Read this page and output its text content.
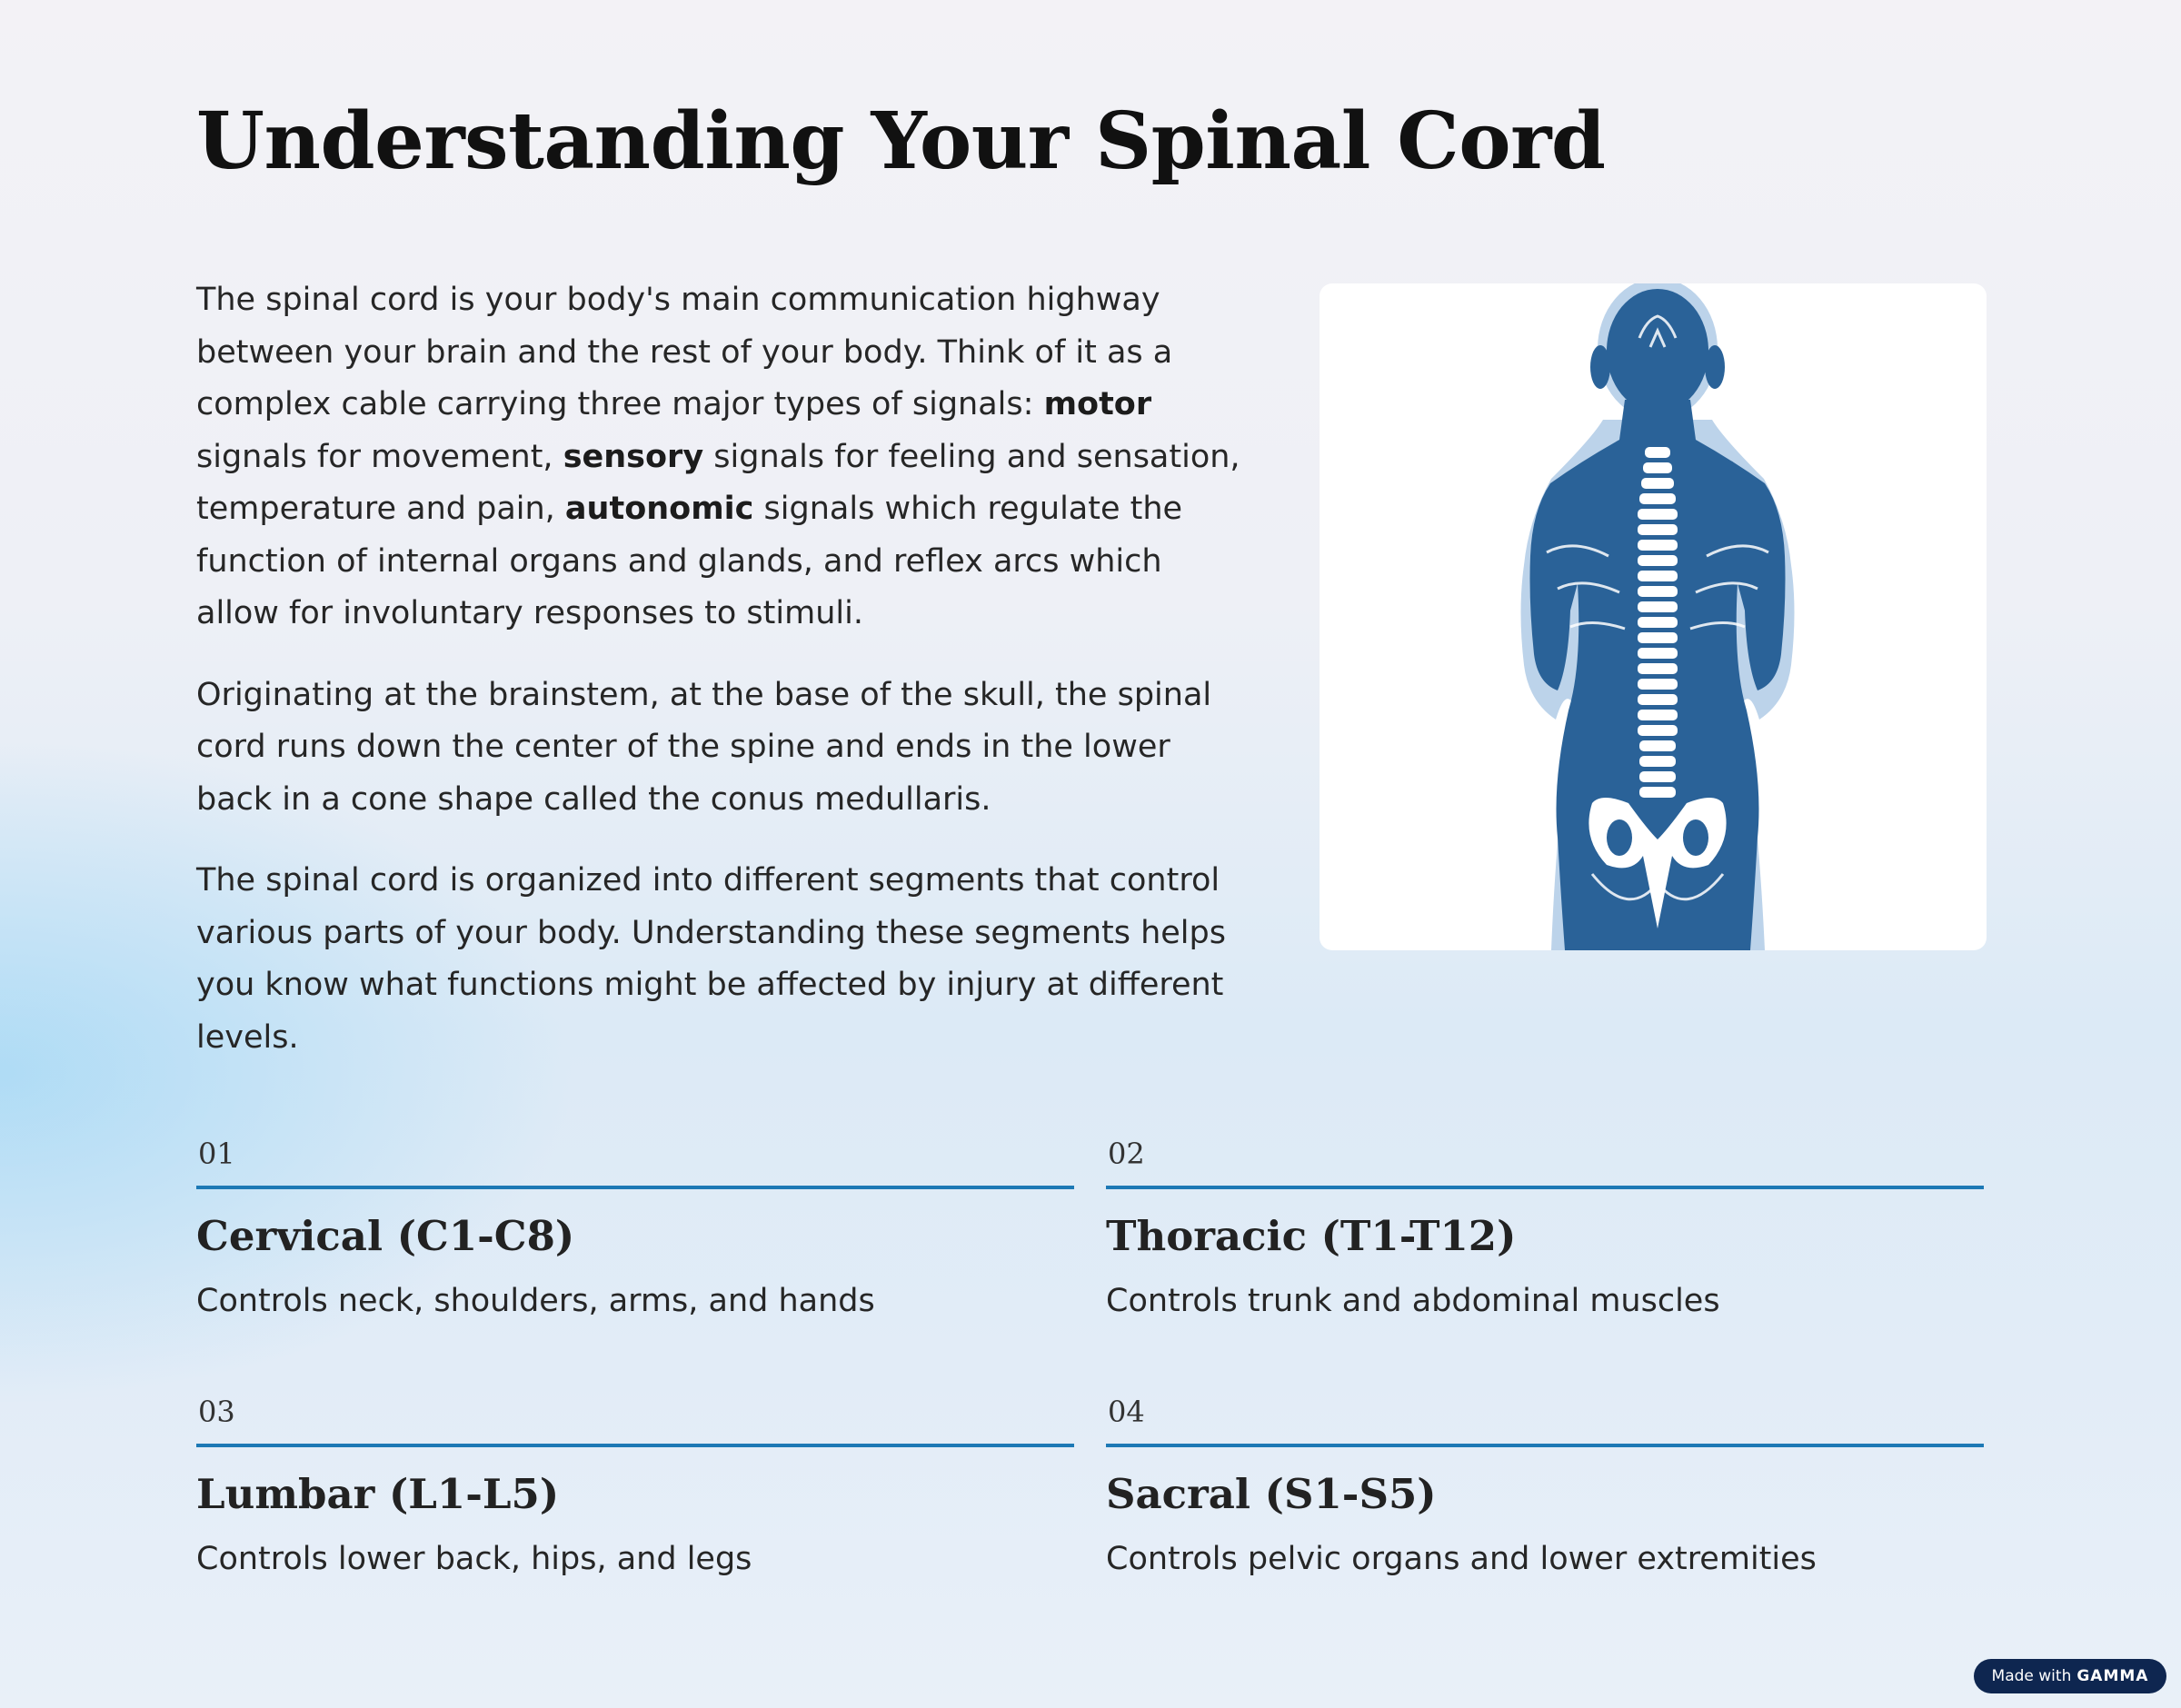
Understanding Your Spinal Cord

The spinal cord is your body's main communication highway between your brain and the rest of your body. Think of it as a complex cable carrying three major types of signals: motor signals for movement, sensory signals for feeling and sensation, temperature and pain, autonomic signals which regulate the function of internal organs and glands, and reflex arcs which allow for involuntary responses to stimuli.

Originating at the brainstem, at the base of the skull, the spinal cord runs down the center of the spine and ends in the lower back in a cone shape called the conus medullaris.

The spinal cord is organized into different segments that control various parts of your body. Understanding these segments helps you know what functions might be affected by injury at different levels.

01
Cervical (C1-C8)
Controls neck, shoulders, arms, and hands
02
Thoracic (T1-T12)
Controls trunk and abdominal muscles
03
Lumbar (L1-L5)
Controls lower back, hips, and legs
04
Sacral (S1-S5)
Controls pelvic organs and lower extremities
Made with GAMMA
